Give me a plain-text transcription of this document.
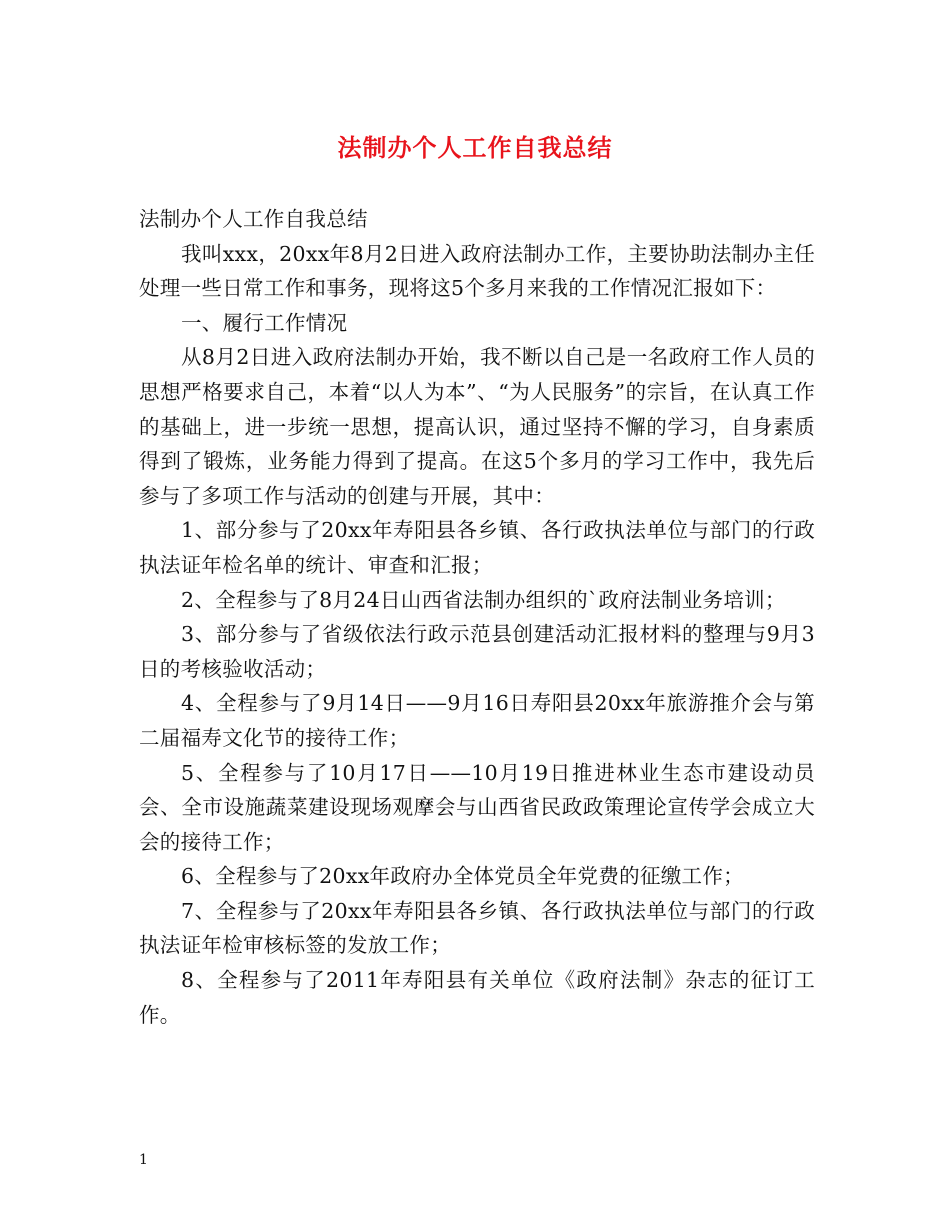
法制办个人工作自我总结

法制办个人工作自我总结

我叫xxx，20xx年8月2日进入政府法制办工作，主要协助法制办主任处理一些日常工作和事务，现将这5个多月来我的工作情况汇报如下：

一、履行工作情况

从8月2日进入政府法制办开始，我不断以自己是一名政府工作人员的思想严格要求自己，本着“以人为本”、“为人民服务”的宗旨，在认真工作的基础上，进一步统一思想，提高认识，通过坚持不懈的学习，自身素质得到了锻炼，业务能力得到了提高。在这5个多月的学习工作中，我先后参与了多项工作与活动的创建与开展，其中：

1、部分参与了20xx年寿阳县各乡镇、各行政执法单位与部门的行政执法证年检名单的统计、审查和汇报；

2、全程参与了8月24日山西省法制办组织的`政府法制业务培训；

3、部分参与了省级依法行政示范县创建活动汇报材料的整理与9月3日的考核验收活动；

4、全程参与了9月14日——9月16日寿阳县20xx年旅游推介会与第二届福寿文化节的接待工作；

5、全程参与了10月17日——10月19日推进林业生态市建设动员会、全市设施蔬菜建设现场观摩会与山西省民政政策理论宣传学会成立大会的接待工作；

6、全程参与了20xx年政府办全体党员全年党费的征缴工作；

7、全程参与了20xx年寿阳县各乡镇、各行政执法单位与部门的行政执法证年检审核标签的发放工作；

8、全程参与了2011年寿阳县有关单位《政府法制》杂志的征订工作。

1
